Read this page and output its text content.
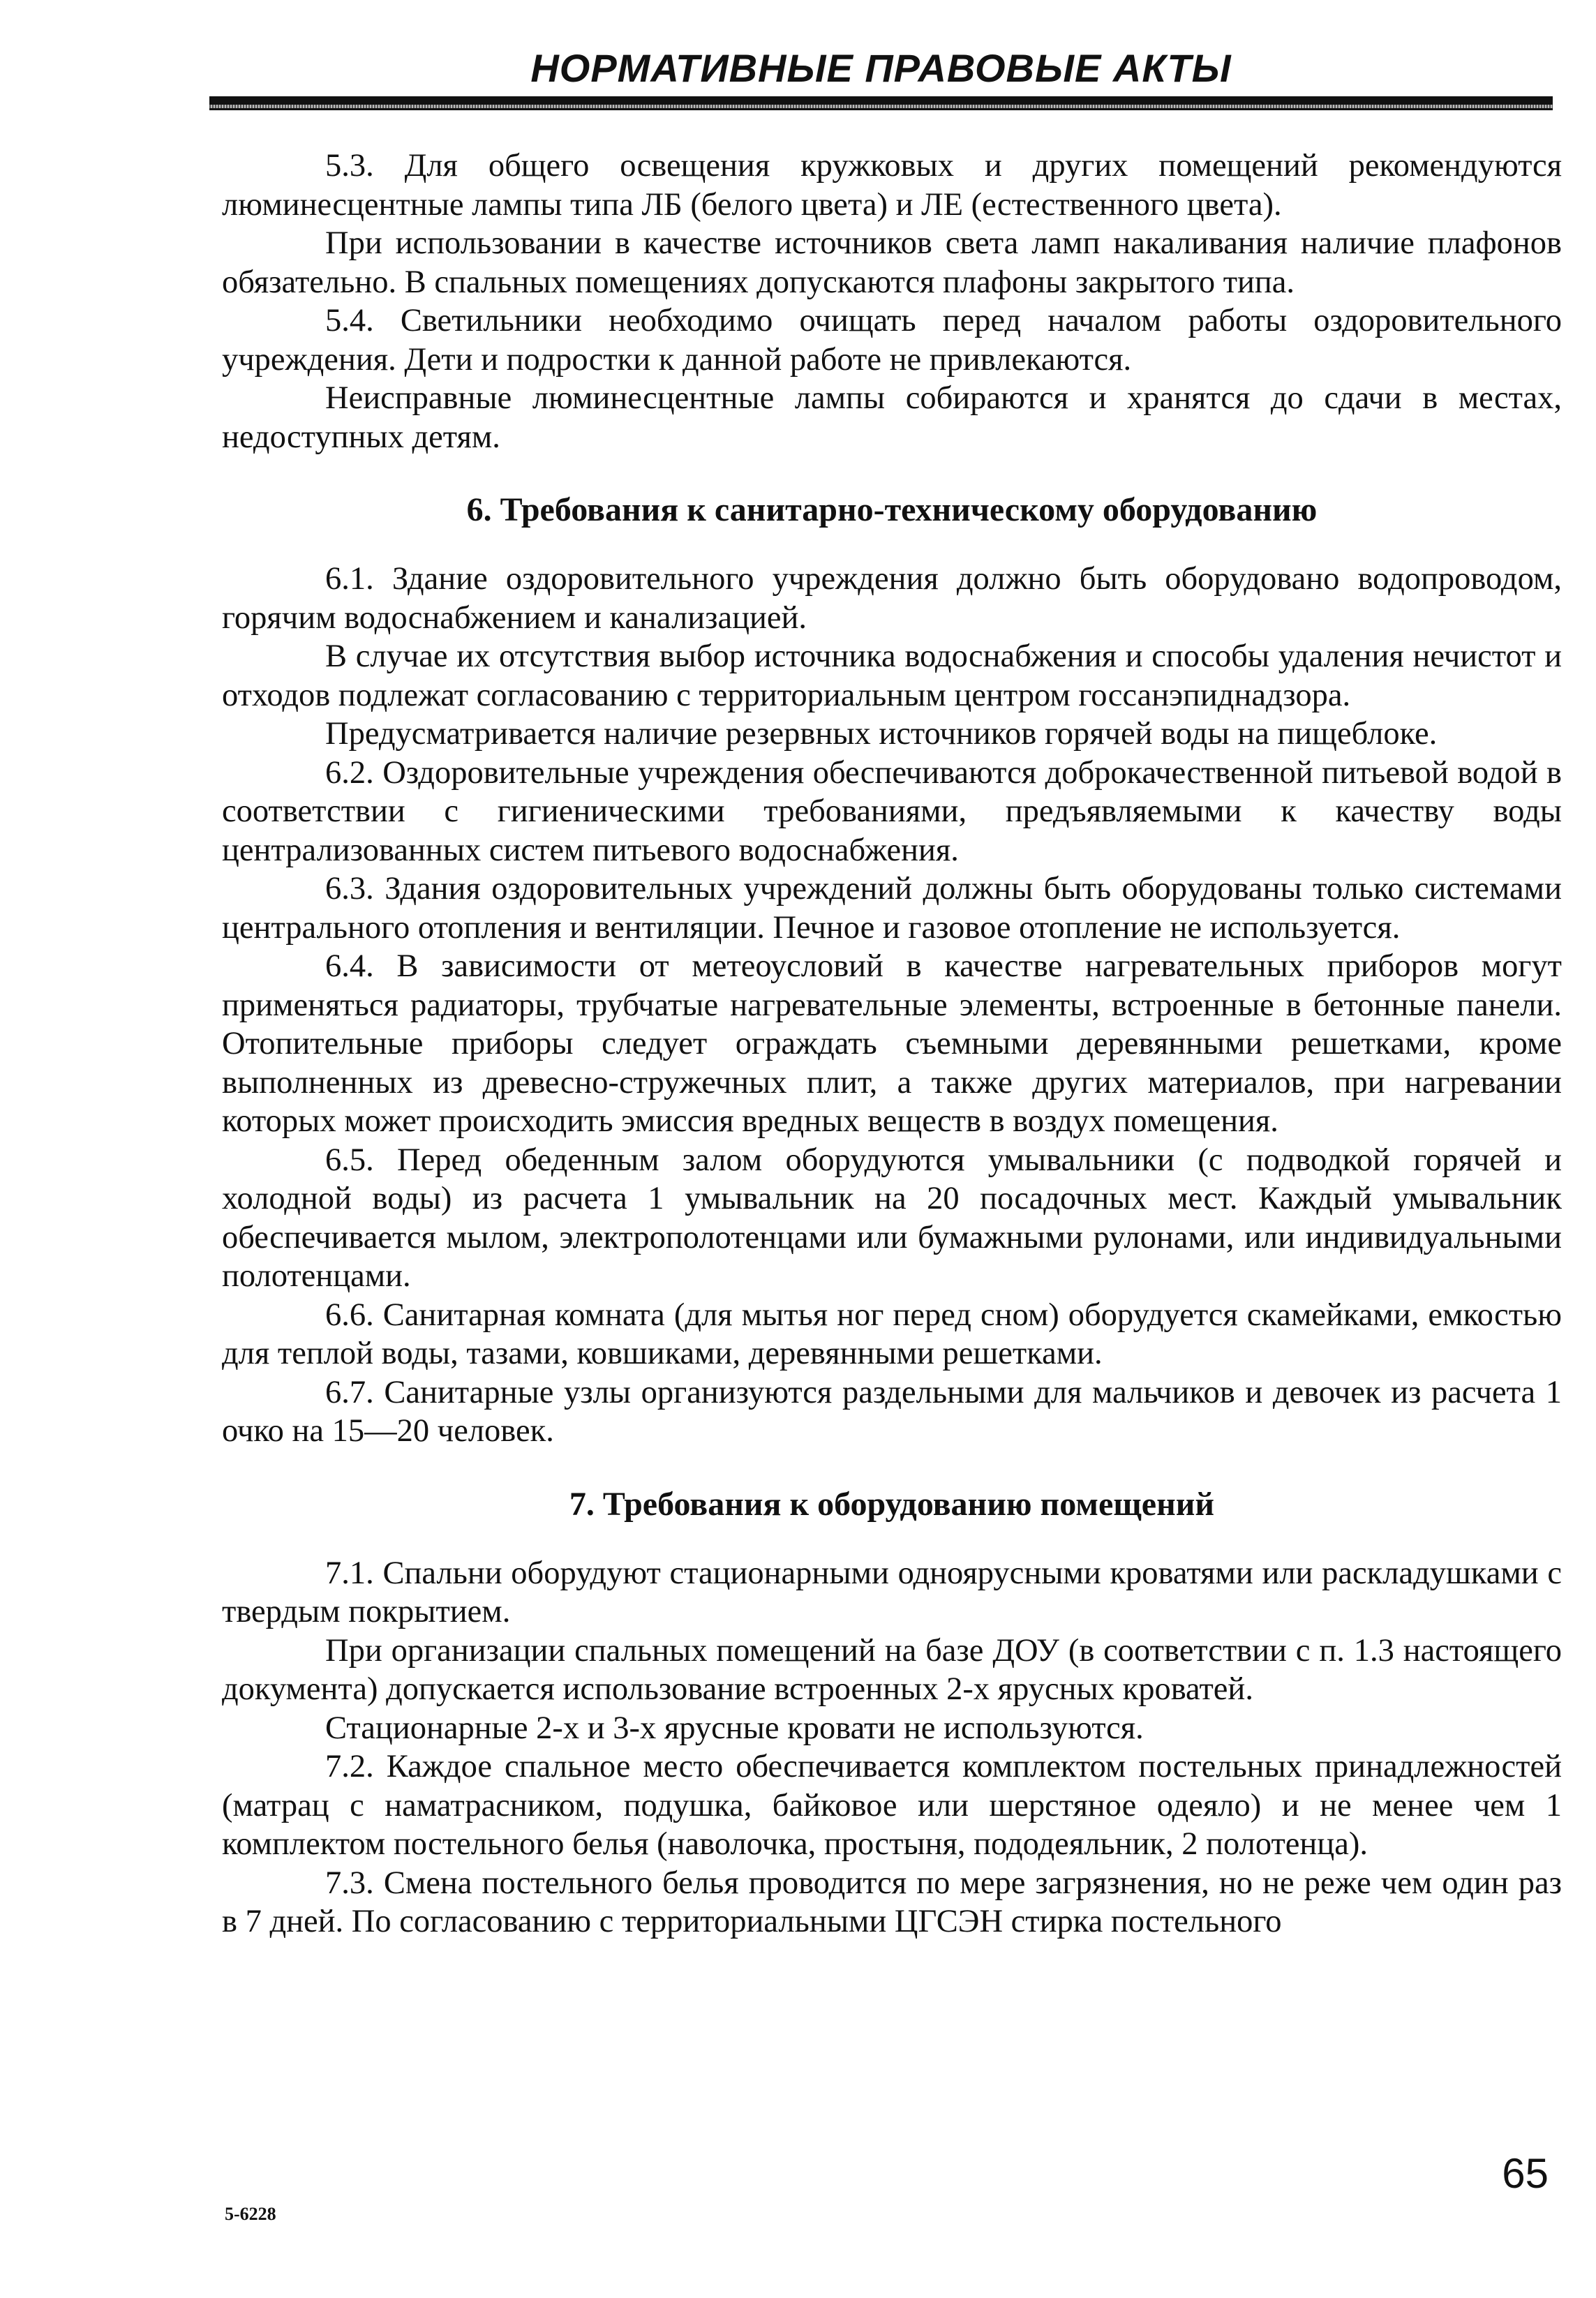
НОРМАТИВНЫЕ ПРАВОВЫЕ АКТЫ

5.3. Для общего освещения кружковых и других помещений рекомендуются люминесцентные лампы типа ЛБ (белого цвета) и ЛЕ (естественного цвета).

При использовании в качестве источников света ламп накаливания наличие плафонов обязательно. В спальных помещениях допускаются плафоны закрытого типа.

5.4. Светильники необходимо очищать перед началом работы оздоровительного учреждения. Дети и подростки к данной работе не привлекаются.

Неисправные люминесцентные лампы собираются и хранятся до сдачи в местах, недоступных детям.

6. Требования к санитарно-техническому оборудованию

6.1. Здание оздоровительного учреждения должно быть оборудовано водопроводом, горячим водоснабжением и канализацией.

В случае их отсутствия выбор источника водоснабжения и способы удаления нечистот и отходов подлежат согласованию с территориальным центром госсанэпиднадзора.

Предусматривается наличие резервных источников горячей воды на пищеблоке.

6.2. Оздоровительные учреждения обеспечиваются доброкачественной питьевой водой в соответствии с гигиеническими требованиями, предъявляемыми к качеству воды централизованных систем питьевого водоснабжения.

6.3. Здания оздоровительных учреждений должны быть оборудованы только системами центрального отопления и вентиляции. Печное и газовое отопление не используется.

6.4. В зависимости от метеоусловий в качестве нагревательных приборов могут применяться радиаторы, трубчатые нагревательные элементы, встроенные в бетонные панели. Отопительные приборы следует ограждать съемными деревянными решетками, кроме выполненных из древесно-стружечных плит, а также других материалов, при нагревании которых может происходить эмиссия вредных веществ в воздух помещения.

6.5. Перед обеденным залом оборудуются умывальники (с подводкой горячей и холодной воды) из расчета 1 умывальник на 20 посадочных мест. Каждый умывальник обеспечивается мылом, электрополотенцами или бумажными рулонами, или индивидуальными полотенцами.

6.6. Санитарная комната (для мытья ног перед сном) оборудуется скамейками, емкостью для теплой воды, тазами, ковшиками, деревянными решетками.

6.7. Санитарные узлы организуются раздельными для мальчиков и девочек из расчета 1 очко на 15—20 человек.

7. Требования к оборудованию помещений

7.1. Спальни оборудуют стационарными одноярусными кроватями или раскладушками с твердым покрытием.

При организации спальных помещений на базе ДОУ (в соответствии с п. 1.3 настоящего документа) допускается использование встроенных 2-х ярусных кроватей.

Стационарные 2-х и 3-х ярусные кровати не используются.

7.2. Каждое спальное место обеспечивается комплектом постельных принадлежностей (матрац с наматрасником, подушка, байковое или шерстяное одеяло) и не менее чем 1 комплектом постельного белья (наволочка, простыня, пододеяльник, 2 полотенца).

7.3. Смена постельного белья проводится по мере загрязнения, но не реже чем один раз в 7 дней. По согласованию с территориальными ЦГСЭН стирка постельного

5-6228
65
